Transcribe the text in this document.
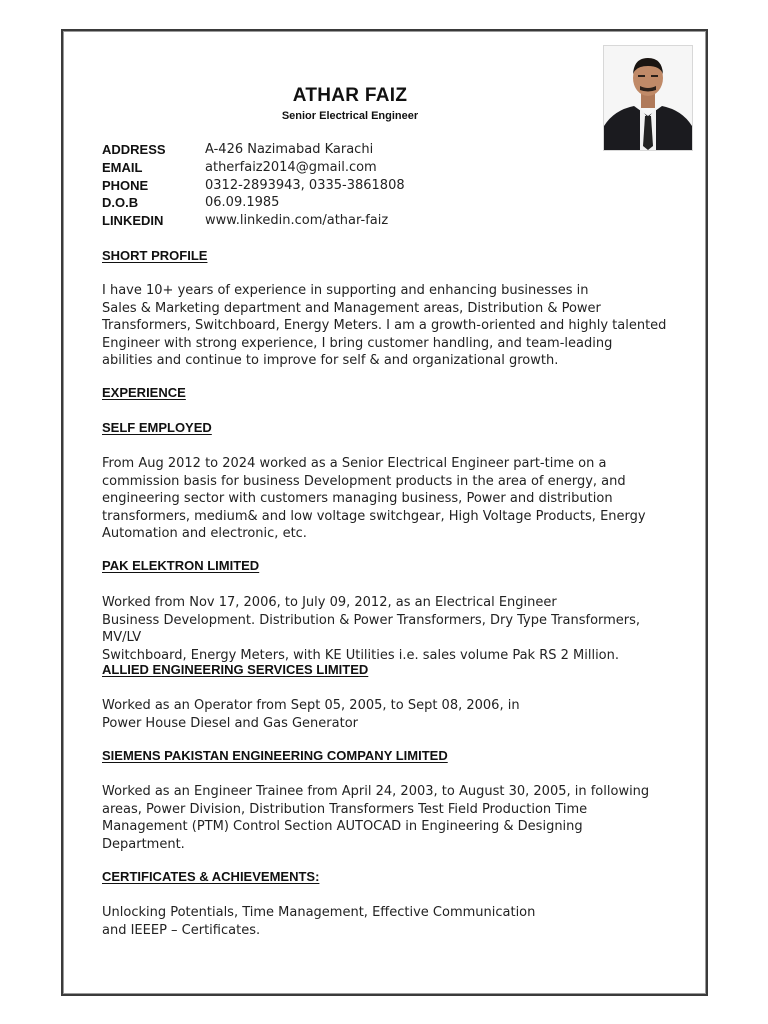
ATHAR FAIZ
Senior Electrical Engineer
ADDRESS	A-426 Nazimabad Karachi
EMAIL	atherfaiz2014@gmail.com
PHONE	0312-2893943, 0335-3861808
D.O.B	06.09.1985
LINKEDIN	www.linkedin.com/athar-faiz
SHORT PROFILE
I have 10+ years of experience in supporting and enhancing businesses in
Sales & Marketing department and Management areas, Distribution & Power
Transformers, Switchboard, Energy Meters. I am a growth-oriented and highly talented
Engineer with strong experience, I bring customer handling, and team-leading
abilities and continue to improve for self & and organizational growth.
EXPERIENCE
SELF EMPLOYED
From Aug 2012 to 2024 worked as a Senior Electrical Engineer part-time on a
commission basis for business Development products in the area of energy, and
engineering sector with customers managing business, Power and distribution
transformers, medium& and low voltage switchgear, High Voltage Products, Energy
Automation and electronic, etc.
PAK ELEKTRON LIMITED
Worked from Nov 17, 2006, to July 09, 2012, as an Electrical Engineer
Business Development. Distribution & Power Transformers, Dry Type Transformers, MV/LV
Switchboard, Energy Meters, with KE Utilities i.e. sales volume Pak RS 2 Million.
ALLIED ENGINEERING SERVICES LIMITED
Worked as an Operator from Sept 05, 2005, to Sept 08, 2006, in
Power House Diesel and Gas Generator
SIEMENS PAKISTAN ENGINEERING COMPANY LIMITED
Worked as an Engineer Trainee from April 24, 2003, to August 30, 2005, in following
areas, Power Division, Distribution Transformers Test Field Production Time
Management (PTM) Control Section AUTOCAD in Engineering & Designing
Department.
CERTIFICATES & ACHIEVEMENTS:
Unlocking Potentials, Time Management, Effective Communication
and IEEEP – Certificates.
